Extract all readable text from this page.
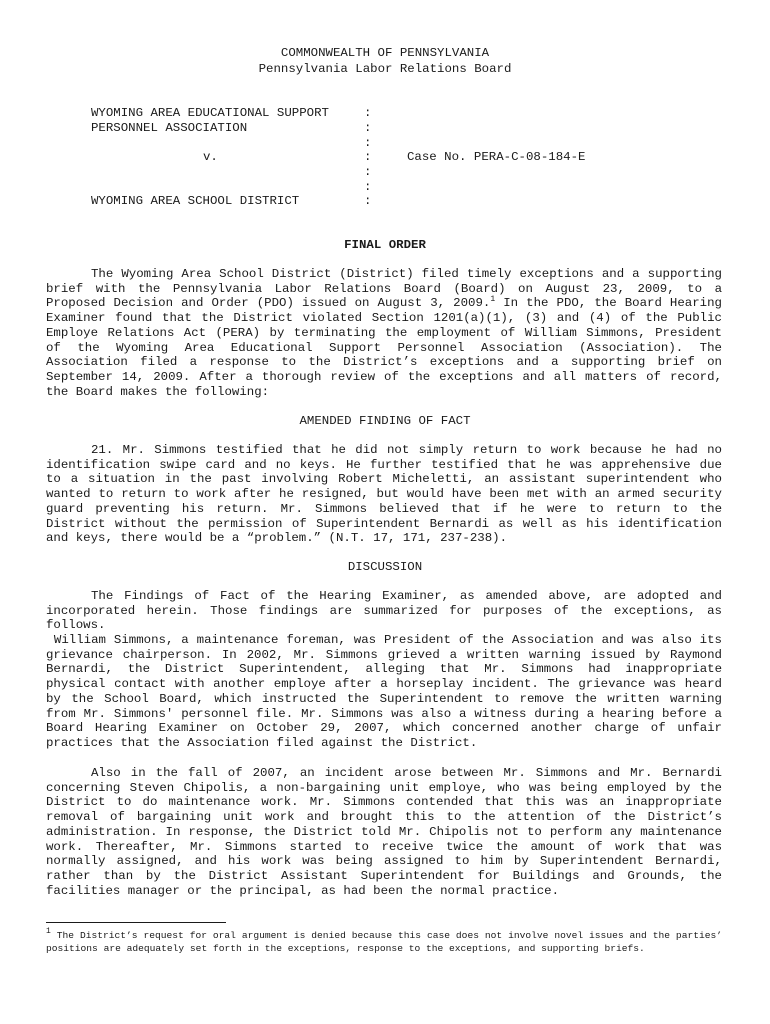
COMMONWEALTH OF PENNSYLVANIA
Pennsylvania Labor Relations Board
WYOMING AREA EDUCATIONAL SUPPORT
PERSONNEL ASSOCIATION
v.
WYOMING AREA SCHOOL DISTRICT
:
:
:
:
:
:
:
Case No. PERA-C-08-184-E
FINAL ORDER
The Wyoming Area School District (District) filed timely exceptions and a supporting brief with the Pennsylvania Labor Relations Board (Board) on August 23, 2009, to a Proposed Decision and Order (PDO) issued on August 3, 2009.$^1$ In the PDO, the Board Hearing Examiner found that the District violated Section 1201(a)(1), (3) and (4) of the Public Employe Relations Act (PERA) by terminating the employment of William Simmons, President of the Wyoming Area Educational Support Personnel Association (Association). The Association filed a response to the District’s exceptions and a supporting brief on September 14, 2009. After a thorough review of the exceptions and all matters of record, the Board makes the following:
AMENDED FINDING OF FACT
21. Mr. Simmons testified that he did not simply return to work because he had no identification swipe card and no keys. He further testified that he was apprehensive due to a situation in the past involving Robert Micheletti, an assistant superintendent who wanted to return to work after he resigned, but would have been met with an armed security guard preventing his return. Mr. Simmons believed that if he were to return to the District without the permission of Superintendent Bernardi as well as his identification and keys, there would be a “problem.” (N.T. 17, 171, 237-238).
DISCUSSION
The Findings of Fact of the Hearing Examiner, as amended above, are adopted and incorporated herein. Those findings are summarized for purposes of the exceptions, as follows.
William Simmons, a maintenance foreman, was President of the Association and was also its grievance chairperson. In 2002, Mr. Simmons grieved a written warning issued by Raymond Bernardi, the District Superintendent, alleging that Mr. Simmons had inappropriate physical contact with another employe after a horseplay incident. The grievance was heard by the School Board, which instructed the Superintendent to remove the written warning from Mr. Simmons' personnel file. Mr. Simmons was also a witness during a hearing before a Board Hearing Examiner on October 29, 2007, which concerned another charge of unfair practices that the Association filed against the District.
Also in the fall of 2007, an incident arose between Mr. Simmons and Mr. Bernardi concerning Steven Chipolis, a non-bargaining unit employe, who was being employed by the District to do maintenance work. Mr. Simmons contended that this was an inappropriate removal of bargaining unit work and brought this to the attention of the District’s administration. In response, the District told Mr. Chipolis not to perform any maintenance work. Thereafter, Mr. Simmons started to receive twice the amount of work that was normally assigned, and his work was being assigned to him by Superintendent Bernardi, rather than by the District Assistant Superintendent for Buildings and Grounds, the facilities manager or the principal, as had been the normal practice.
$^1$ The District’s request for oral argument is denied because this case does not involve novel issues and the parties’ positions are adequately set forth in the exceptions, response to the exceptions, and supporting briefs.
